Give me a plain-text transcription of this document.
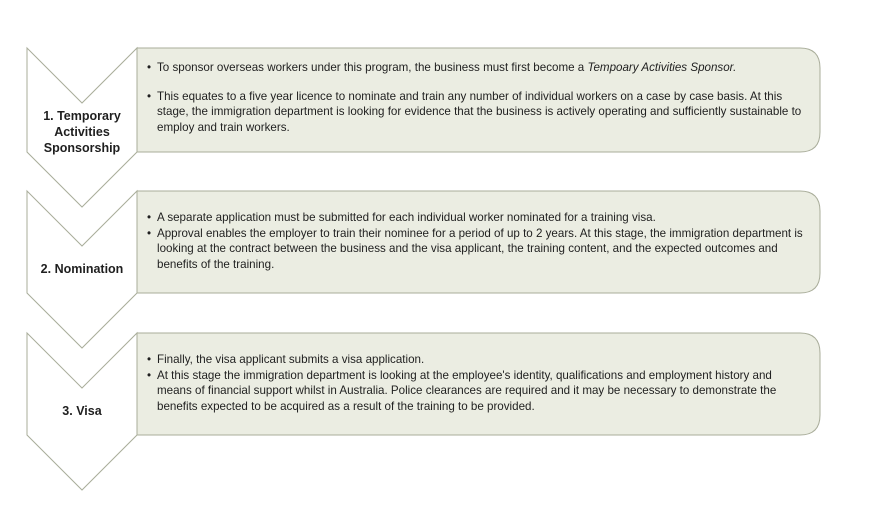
1. Temporary Activities Sponsorship
2. Nomination
3. Visa
• To sponsor overseas workers under this program, the business must first become a Tempoary Activities Sponsor.
• This equates to a five year licence to nominate and train any number of individual workers on a case by case basis. At this stage, the immigration department is looking for evidence that the business is actively operating and sufficiently sustainable to employ and train workers.
• A separate application must be submitted for each individual worker nominated for a training visa.
• Approval enables the employer to train their nominee for a period of up to 2 years. At this stage, the immigration department is looking at the contract between the business and the visa applicant, the training content, and the expected outcomes and benefits of the training.
• Finally, the visa applicant submits a visa application.
• At this stage the immigration department is looking at the employee's identity, qualifications and employment history and means of financial support whilst in Australia. Police clearances are required and it may be necessary to demonstrate the benefits expected to be acquired as a result of the training to be provided.
